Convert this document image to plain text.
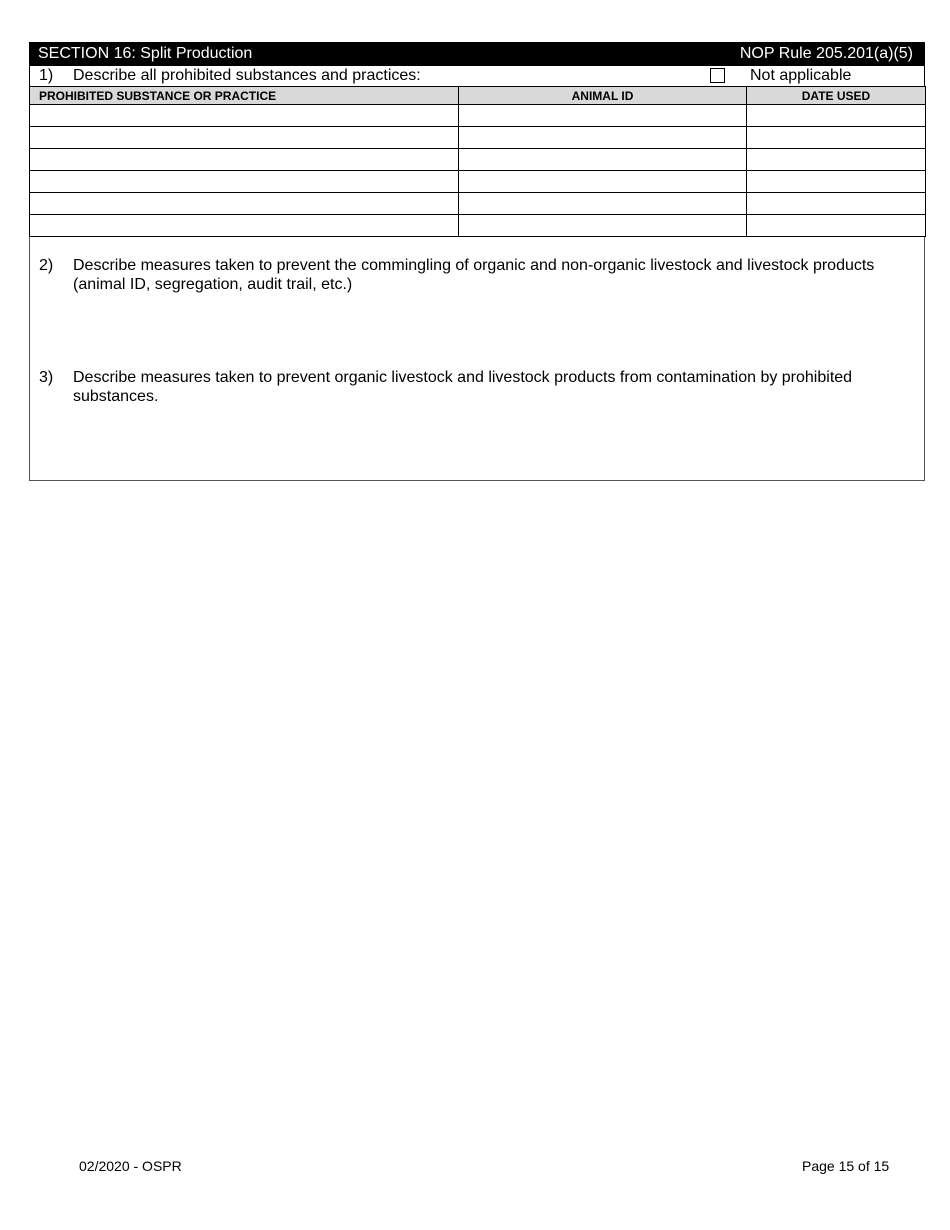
SECTION 16: Split Production	NOP Rule 205.201(a)(5)
1) Describe all prohibited substances and practices:	Not applicable
PROHIBITED SUBSTANCE OR PRACTICE	ANIMAL ID	DATE USED

2) Describe measures taken to prevent the commingling of organic and non-organic livestock and livestock products (animal ID, segregation, audit trail, etc.)
3) Describe measures taken to prevent organic livestock and livestock products from contamination by prohibited substances.
02/2020 - OSPR	Page 15 of 15
